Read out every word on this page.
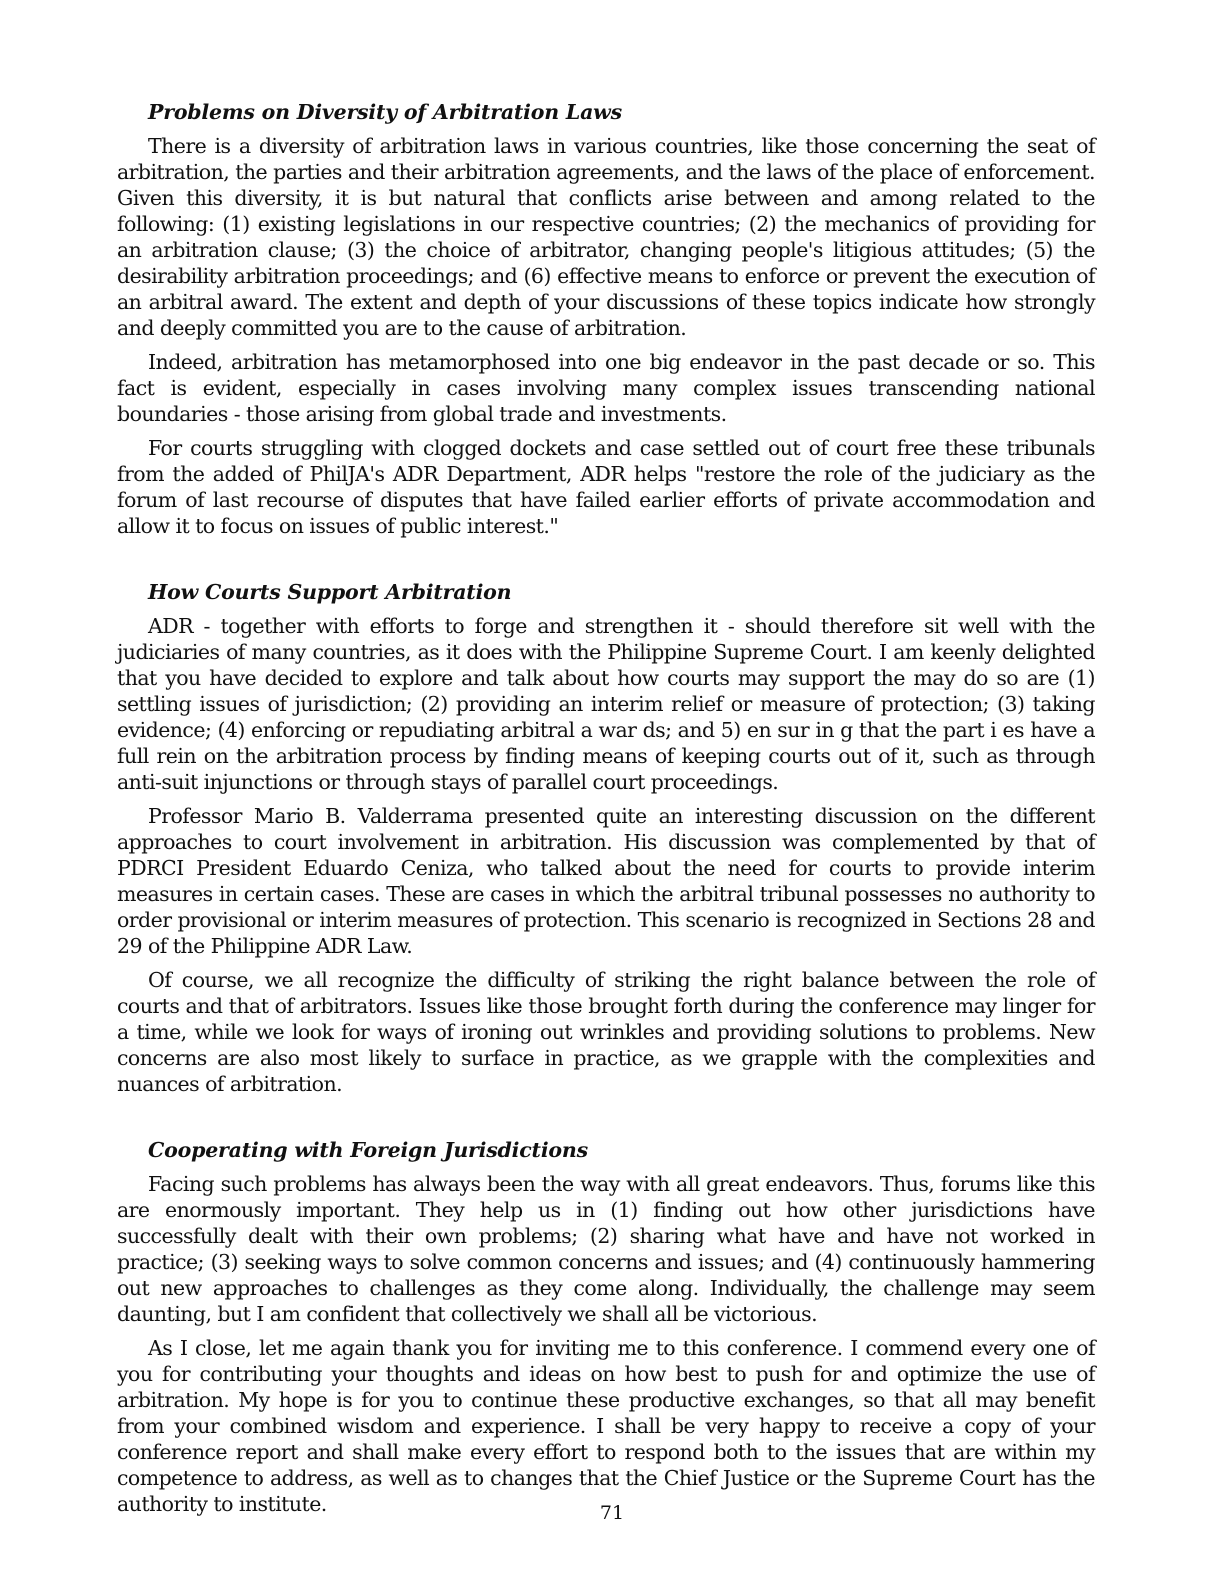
Problems on Diversity of Arbitration Laws

There is a diversity of arbitration laws in various countries, like those concerning the seat of arbitration, the parties and their arbitration agreements, and the laws of the place of enforcement. Given this diversity, it is but natural that conflicts arise between and among related to the following: (1) existing legislations in our respective countries; (2) the mechanics of providing for an arbitration clause; (3) the choice of arbitrator, changing people's litigious attitudes; (5) the desirability arbitration proceedings; and (6) effective means to enforce or prevent the execution of an arbitral award. The extent and depth of your discussions of these topics indicate how strongly and deeply committed you are to the cause of arbitration.

Indeed, arbitration has metamorphosed into one big endeavor in the past decade or so. This fact is evident, especially in cases involving many complex issues transcending national boundaries - those arising from global trade and investments.

For courts struggling with clogged dockets and case settled out of court free these tribunals from the added of PhilJA's ADR Department, ADR helps "restore the role of the judiciary as the forum of last recourse of disputes that have failed earlier efforts of private accommodation and allow it to focus on issues of public interest."

How Courts Support Arbitration

ADR - together with efforts to forge and strengthen it - should therefore sit well with the judiciaries of many countries, as it does with the Philippine Supreme Court. I am keenly delighted that you have decided to explore and talk about how courts may support the may do so are (1) settling issues of jurisdiction; (2) providing an interim relief or measure of protection; (3) taking evidence; (4) enforcing or repudiating arbitral a war ds; and 5) en sur in g that the part i es have a full rein on the arbitration process by finding means of keeping courts out of it, such as through anti-suit injunctions or through stays of parallel court proceedings.

Professor Mario B. Valderrama presented quite an interesting discussion on the different approaches to court involvement in arbitration. His discussion was complemented by that of PDRCI President Eduardo Ceniza, who talked about the need for courts to provide interim measures in certain cases. These are cases in which the arbitral tribunal possesses no authority to order provisional or interim measures of protection. This scenario is recognized in Sections 28 and 29 of the Philippine ADR Law.

Of course, we all recognize the difficulty of striking the right balance between the role of courts and that of arbitrators. Issues like those brought forth during the conference may linger for a time, while we look for ways of ironing out wrinkles and providing solutions to problems. New concerns are also most likely to surface in practice, as we grapple with the complexities and nuances of arbitration.

Cooperating with Foreign Jurisdictions

Facing such problems has always been the way with all great endeavors. Thus, forums like this are enormously important. They help us in (1) finding out how other jurisdictions have successfully dealt with their own problems; (2) sharing what have and have not worked in practice; (3) seeking ways to solve common concerns and issues; and (4) continuously hammering out new approaches to challenges as they come along. Individually, the challenge may seem daunting, but I am confident that collectively we shall all be victorious.

As I close, let me again thank you for inviting me to this conference. I commend every one of you for contributing your thoughts and ideas on how best to push for and optimize the use of arbitration. My hope is for you to continue these productive exchanges, so that all may benefit from your combined wisdom and experience. I shall be very happy to receive a copy of your conference report and shall make every effort to respond both to the issues that are within my competence to address, as well as to changes that the Chief Justice or the Supreme Court has the authority to institute.	71
